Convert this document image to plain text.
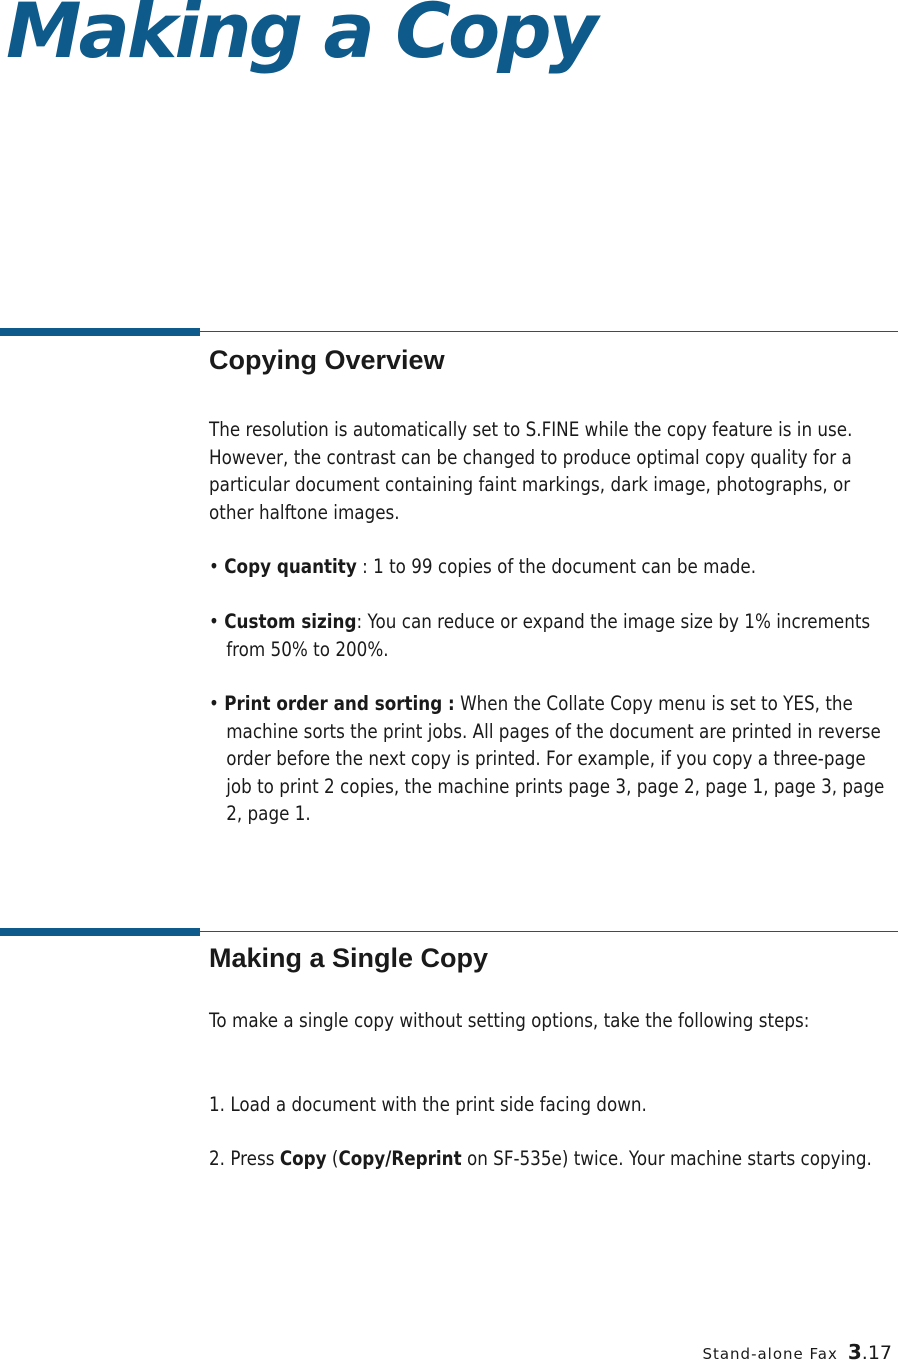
Making a Copy
Copying Overview

The resolution is automatically set to S.FINE while the copy feature is in use. However, the contrast can be changed to produce optimal copy quality for a particular document containing faint markings, dark image, photographs, or other halftone images.

• Copy quantity : 1 to 99 copies of the document can be made.

• Custom sizing: You can reduce or expand the image size by 1% increments from 50% to 200%.

• Print order and sorting : When the Collate Copy menu is set to YES, the machine sorts the print jobs. All pages of the document are printed in reverse order before the next copy is printed. For example, if you copy a three-page job to print 2 copies, the machine prints page 3, page 2, page 1, page 3, page 2, page 1.

Making a Single Copy

To make a single copy without setting options, take the following steps:

1. Load a document with the print side facing down.

2. Press Copy (Copy/Reprint on SF-535e) twice. Your machine starts copying.

Stand-alone Fax 3.17
